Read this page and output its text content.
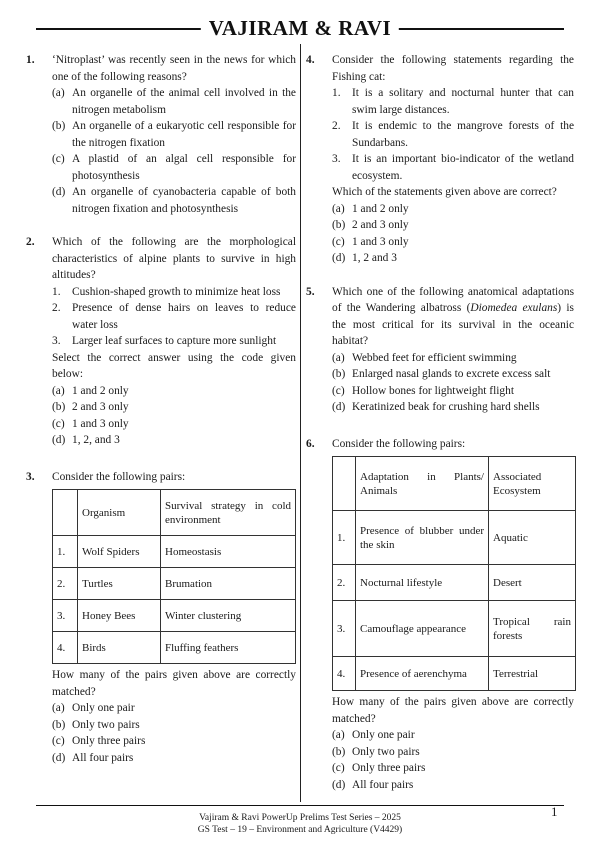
VAJIRAM & RAVI
1. ‘Nitroplast’ was recently seen in the news for which one of the following reasons?
(a) An organelle of the animal cell involved in the nitrogen metabolism
(b) An organelle of a eukaryotic cell responsible for the nitrogen fixation
(c) A plastid of an algal cell responsible for photosynthesis
(d) An organelle of cyanobacteria capable of both nitrogen fixation and photosynthesis
2. Which of the following are the morphological characteristics of alpine plants to survive in high altitudes?
1.	Cushion-shaped growth to minimize heat loss
2.	Presence of dense hairs on leaves to reduce water loss
3.	Larger leaf surfaces to capture more sunlight
Select the correct answer using the code given below:
(a) 1 and 2 only
(b) 2 and 3 only
(c) 1 and 3 only
(d) 1, 2, and 3
3. Consider the following pairs:
	Organism	Survival strategy in cold environment
1.	Wolf Spiders	Homeostasis
2.	Turtles	Brumation
3.	Honey Bees	Winter clustering
4.	Birds	Fluffing feathers
How many of the pairs given above are correctly matched?
(a) Only one pair
(b) Only two pairs
(c) Only three pairs
(d) All four pairs
4. Consider the following statements regarding the Fishing cat:
1.	It is a solitary and nocturnal hunter that can swim large distances.
2.	It is endemic to the mangrove forests of the Sundarbans.
3.	It is an important bio-indicator of the wetland ecosystem.
Which of the statements given above are correct?
(a) 1 and 2 only
(b) 2 and 3 only
(c) 1 and 3 only
(d) 1, 2 and 3
5. Which one of the following anatomical adaptations of the Wandering albatross (Diomedea exulans) is the most critical for its survival in the oceanic habitat?
(a) Webbed feet for efficient swimming
(b) Enlarged nasal glands to excrete excess salt
(c) Hollow bones for lightweight flight
(d) Keratinized beak for crushing hard shells
6. Consider the following pairs:
	Adaptation in Plants/ Animals	Associated Ecosystem
1.	Presence of blubber under the skin	Aquatic
2.	Nocturnal lifestyle	Desert
3.	Camouflage appearance	Tropical rain forests
4.	Presence of aerenchyma	Terrestrial
How many of the pairs given above are correctly matched?
(a) Only one pair
(b) Only two pairs
(c) Only three pairs
(d) All four pairs
Vajiram & Ravi PowerUp Prelims Test Series – 2025
GS Test – 19 – Environment and Agriculture (V4429)
1
